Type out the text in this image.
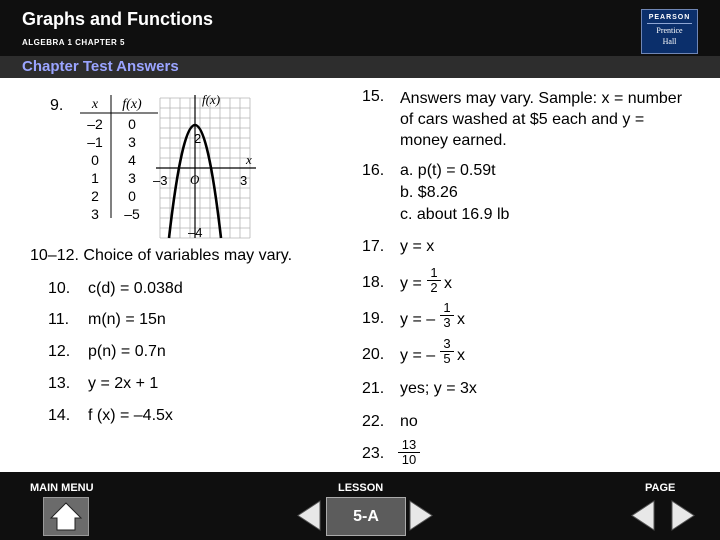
Graphs and Functions
ALGEBRA 1 CHAPTER 5
PEARSON
Prentice
Hall
Chapter Test Answers
9. x f(x)
–2 0
–1 3
0 4
1 3
2 0
3 –5
f(x)
x
O
2
–3	3
–4
10–12. Choice of variables may vary.
10. c(d) = 0.038d
11. m(n) = 15n
12. p(n) = 0.7n
13. y = 2x + 1
14. f (x) = –4.5x
15. Answers may vary. Sample: x = number of cars washed at $5 each and y = money earned.
16. a. p(t) = 0.59t
b. $8.26
c. about 16.9 lb
17. y = x
18. $y = \frac{1}{2}$ x
19. y = – $\frac{1}{3}$ x
20. y = – $\frac{3}{5}$ x
21. yes; y = 3x
22. no
23. $\frac{13}{10}$
MAIN MENU	LESSON	PAGE
5-A
